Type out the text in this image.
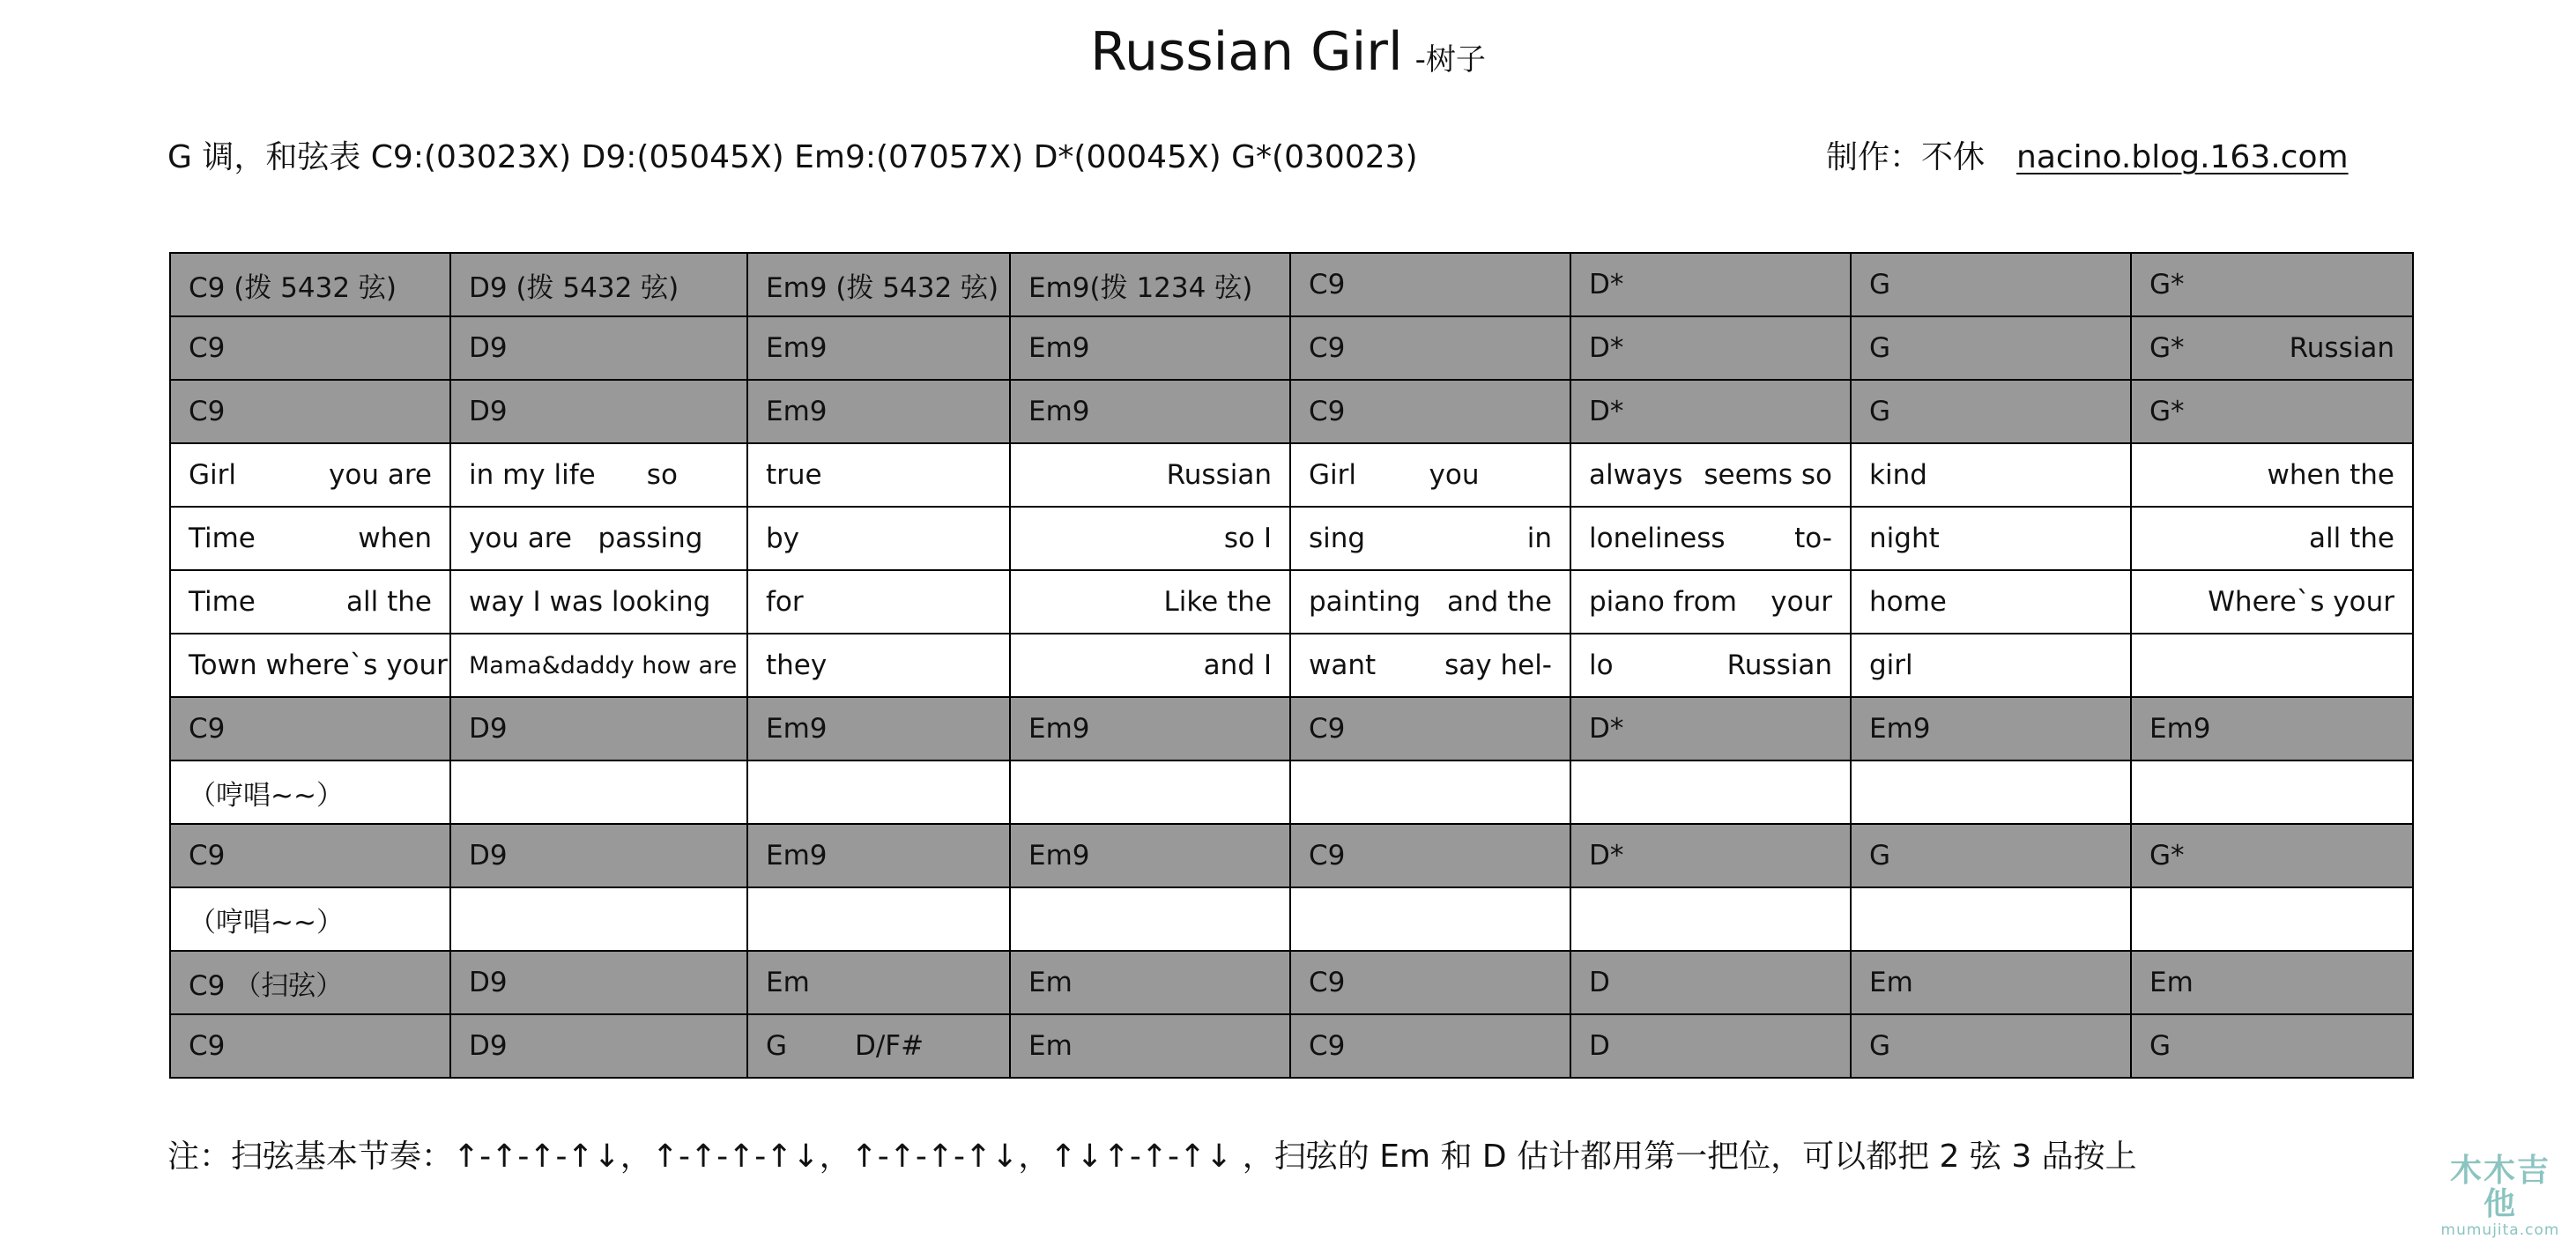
Russian Girl -树子
G 调，和弦表 C9:(03023X) D9:(05045X) Em9:(07057X) D*(00045X) G*(030023)	制作：不休 nacino.blog.163.com
C9 (拨 5432 弦)	D9 (拨 5432 弦)	Em9 (拨 5432 弦)	Em9(拨 1234 弦)	C9	D*	G	G*

C9	D9	Em9	Em9	C9	D*	G	G* Russian

C9	D9	Em9	Em9	C9	D*	G	G*

Girl you are	in my life so	true	Russian	Girl you	always seems so	kind	when the

Time when	you are passing	by	so I	sing in	loneliness to-	night	all the

Time all the	way I was looking	for	Like the	painting and the	piano from your	home	Where`s your

Town where`s your	Mama&daddy how are	they	and I	want say hel-	lo Russian	girl	

C9	D9	Em9	Em9	C9	D*	Em9	Em9

（哼唱~~）							

C9	D9	Em9	Em9	C9	D*	G	G*

（哼唱~~）							

C9 （扫弦）	D9	Em	Em	C9	D	Em	Em

C9	D9	G D/F#	Em	C9	D	G	G
注：扫弦基本节奏：↑-↑-↑-↑↓，↑-↑-↑-↑↓，↑-↑-↑-↑↓，↑↓↑-↑-↑↓ ，扫弦的 Em 和 D 估计都用第一把位，可以都把 2 弦 3 品按上	木木吉他
mumujita.com
